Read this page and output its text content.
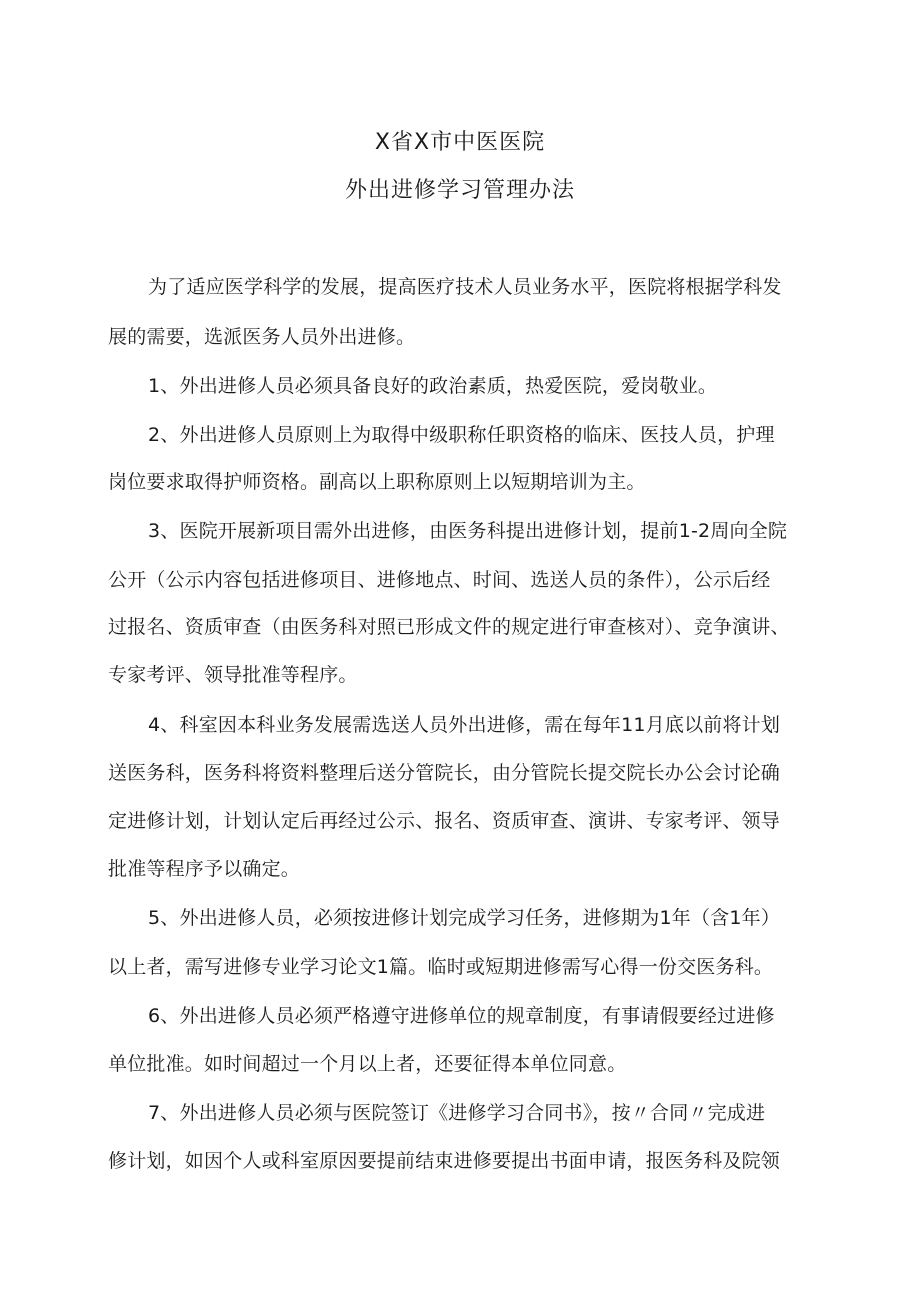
X省X市中医医院
外出进修学习管理办法
为了适应医学科学的发展，提高医疗技术人员业务水平，医院将根据学科发
展的需要，选派医务人员外出进修。
1、外出进修人员必须具备良好的政治素质，热爱医院，爱岗敬业。
2、外出进修人员原则上为取得中级职称任职资格的临床、医技人员，护理
岗位要求取得护师资格。副高以上职称原则上以短期培训为主。
3、医院开展新项目需外出进修，由医务科提出进修计划，提前1-2周向全院
公开（公示内容包括进修项目、进修地点、时间、选送人员的条件），公示后经
过报名、资质审查（由医务科对照已形成文件的规定进行审查核对）、竞争演讲、
专家考评、领导批准等程序。
4、科室因本科业务发展需选送人员外出进修，需在每年11月底以前将计划
送医务科，医务科将资料整理后送分管院长，由分管院长提交院长办公会讨论确
定进修计划，计划认定后再经过公示、报名、资质审查、演讲、专家考评、领导
批准等程序予以确定。
5、外出进修人员，必须按进修计划完成学习任务，进修期为1年（含1年）
以上者，需写进修专业学习论文1篇。临时或短期进修需写心得一份交医务科。
6、外出进修人员必须严格遵守进修单位的规章制度，有事请假要经过进修
单位批准。如时间超过一个月以上者，还要征得本单位同意。
7、外出进修人员必须与医院签订《进修学习合同书》，按〃合同〃完成进
修计划，如因个人或科室原因要提前结束进修要提出书面申请，报医务科及院领
